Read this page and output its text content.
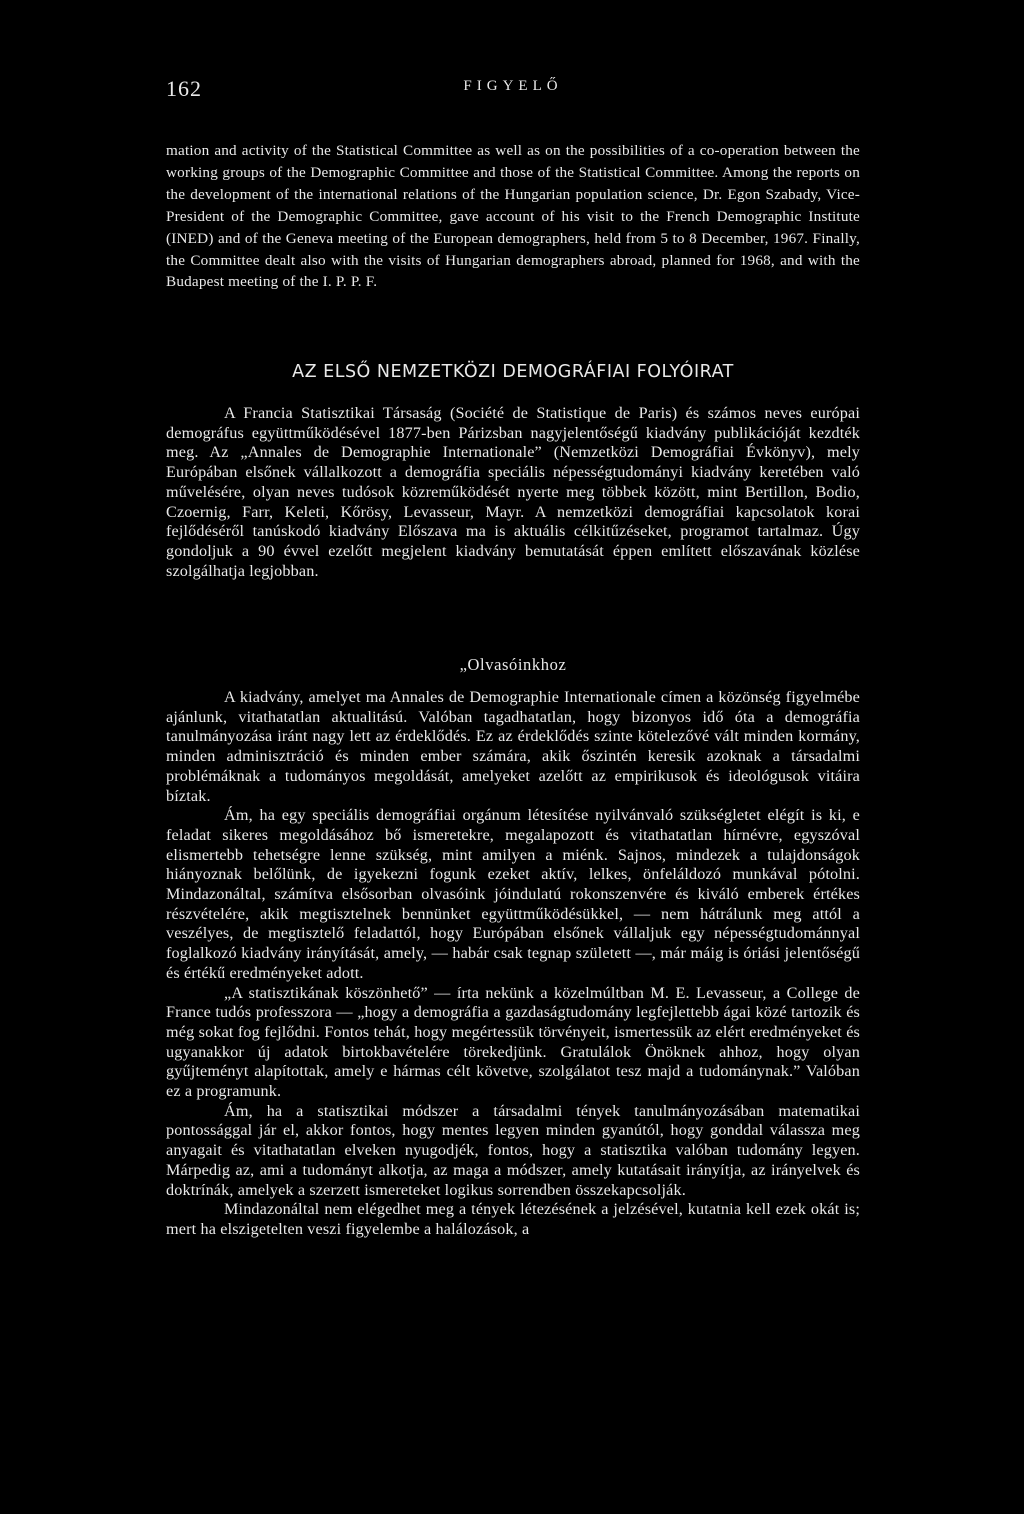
162	FIGYELŐ

mation and activity of the Statistical Committee as well as on the possibilities of a co-operation between the working groups of the Demographic Committee and those of the Statistical Committee. Among the reports on the development of the international relations of the Hungarian population science, Dr. Egon Szabady, Vice-President of the Demographic Committee, gave account of his visit to the French Demographic Institute (INED) and of the Geneva meeting of the European demographers, held from 5 to 8 December, 1967. Finally, the Committee dealt also with the visits of Hungarian demographers abroad, planned for 1968, and with the Budapest meeting of the I. P. P. F.

AZ ELSŐ NEMZETKÖZI DEMOGRÁFIAI FOLYÓIRAT

A Francia Statisztikai Társaság (Société de Statistique de Paris) és számos neves európai demográfus együttműködésével 1877-ben Párizsban nagyjelentőségű kiadvány publikációját kezdték meg. Az „Annales de Demographie Internationale” (Nemzetközi Demográfiai Évkönyv), mely Európában elsőnek vállalkozott a demográfia speciális népességtudományi kiadvány keretében való művelésére, olyan neves tudósok közreműködését nyerte meg többek között, mint Bertillon, Bodio, Czoernig, Farr, Keleti, Kőrösy, Levasseur, Mayr. A nemzetközi demográfiai kapcsolatok korai fejlődéséről tanúskodó kiadvány Előszava ma is aktuális célkitűzéseket, programot tartalmaz. Úgy gondoljuk a 90 évvel ezelőtt megjelent kiadvány bemutatását éppen említett előszavának közlése szolgálhatja legjobban.

„Olvasóinkhoz

A kiadvány, amelyet ma Annales de Demographie Internationale címen a közönség figyelmébe ajánlunk, vitathatatlan aktualitású. Valóban tagadhatatlan, hogy bizonyos idő óta a demográfia tanulmányozása iránt nagy lett az érdeklődés. Ez az érdeklődés szinte kötelezővé vált minden kormány, minden adminisztráció és minden ember számára, akik őszintén keresik azoknak a társadalmi problémáknak a tudományos megoldását, amelyeket azelőtt az empirikusok és ideológusok vitáira bíztak.

Ám, ha egy speciális demográfiai orgánum létesítése nyilvánvaló szükségletet elégít is ki, e feladat sikeres megoldásához bő ismeretekre, megalapozott és vitathatatlan hírnévre, egyszóval elismertebb tehetségre lenne szükség, mint amilyen a miénk. Sajnos, mindezek a tulajdonságok hiányoznak belőlünk, de igyekezni fogunk ezeket aktív, lelkes, önfeláldozó munkával pótolni. Mindazonáltal, számítva elsősorban olvasóink jóindulatú rokonszenvére és kiváló emberek értékes részvételére, akik megtisztelnek bennünket együttműködésükkel, — nem hátrálunk meg attól a veszélyes, de megtisztelő feladattól, hogy Európában elsőnek vállaljuk egy népességtudománnyal foglalkozó kiadvány irányítását, amely, — habár csak tegnap született —, már máig is óriási jelentőségű és értékű eredményeket adott.

„A statisztikának köszönhető” — írta nekünk a közelmúltban M. E. Levasseur, a College de France tudós professzora — „hogy a demográfia a gazdaságtudomány legfejlettebb ágai közé tartozik és még sokat fog fejlődni. Fontos tehát, hogy megértessük törvényeit, ismertessük az elért eredményeket és ugyanakkor új adatok birtokbavételére törekedjünk. Gratulálok Önöknek ahhoz, hogy olyan gyűjteményt alapítottak, amely e hármas célt követve, szolgálatot tesz majd a tudománynak.” Valóban ez a programunk.

Ám, ha a statisztikai módszer a társadalmi tények tanulmányozásában matematikai pontossággal jár el, akkor fontos, hogy mentes legyen minden gyanútól, hogy gonddal válassza meg anyagait és vitathatatlan elveken nyugodjék, fontos, hogy a statisztika valóban tudomány legyen. Márpedig az, ami a tudományt alkotja, az maga a módszer, amely kutatásait irányítja, az irányelvek és doktrínák, amelyek a szerzett ismereteket logikus sorrendben összekapcsolják.

Mindazonáltal nem elégedhet meg a tények létezésének a jelzésével, kutatnia kell ezek okát is; mert ha elszigetelten veszi figyelembe a halálozások, a
